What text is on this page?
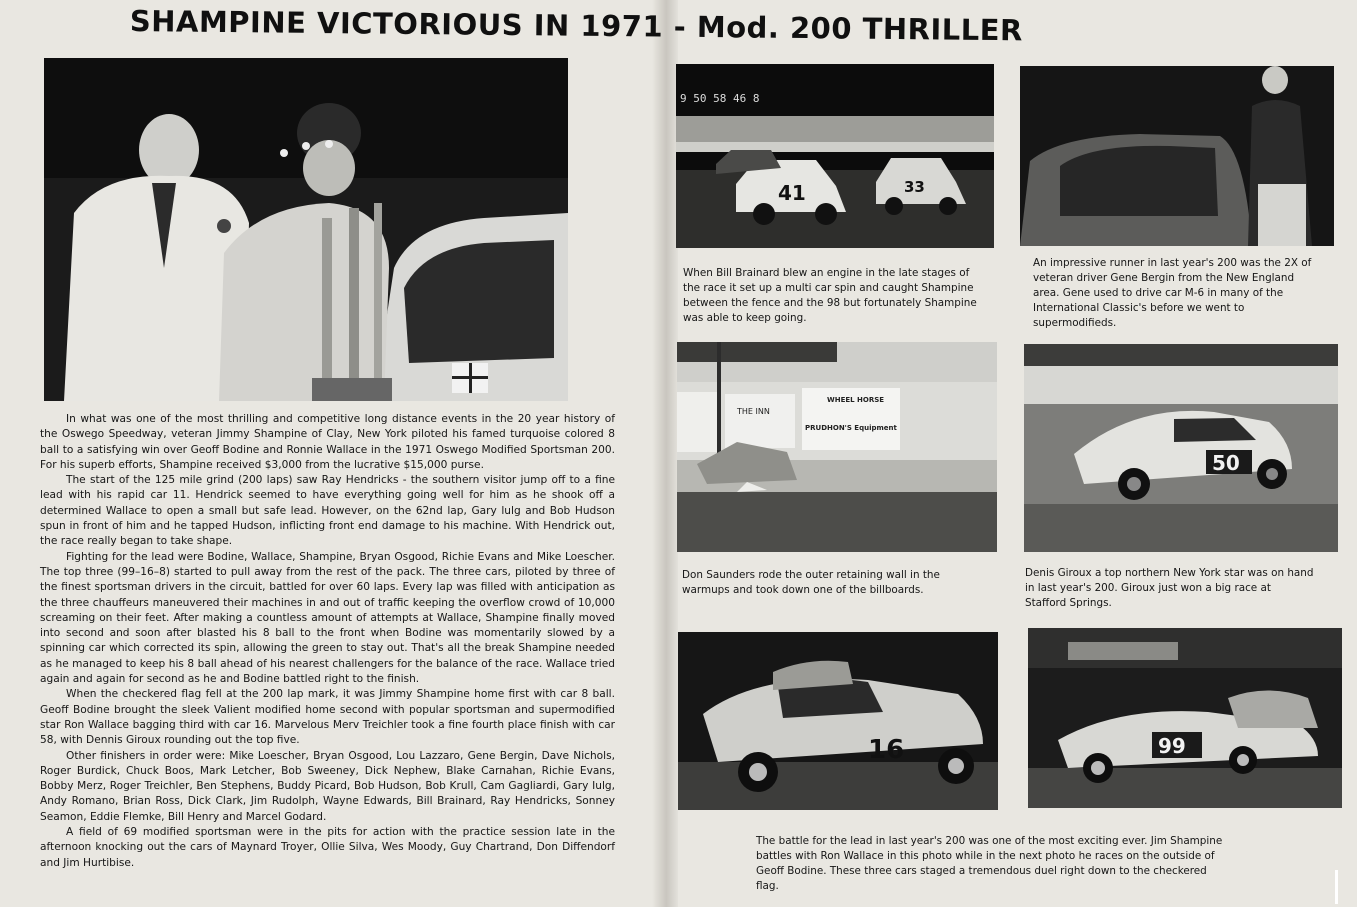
SHAMPINE VICTORIOUS IN 1971 - Mod. 200 THRILLER

In what was one of the most thrilling and competitive long distance events in the 20 year history of the Oswego Speedway, veteran Jimmy Shampine of Clay, New York piloted his famed turquoise colored 8 ball to a satisfying win over Geoff Bodine and Ronnie Wallace in the 1971 Oswego Modified Sportsman 200. For his superb efforts, Shampine received $3,000 from the lucrative $15,000 purse.

The start of the 125 mile grind (200 laps) saw Ray Hendricks - the southern visitor jump off to a fine lead with his rapid car 11. Hendrick seemed to have everything going well for him as he shook off a determined Wallace to open a small but safe lead. However, on the 62nd lap, Gary lulg and Bob Hudson spun in front of him and he tapped Hudson, inflicting front end damage to his machine. With Hendrick out, the race really began to take shape.

Fighting for the lead were Bodine, Wallace, Shampine, Bryan Osgood, Richie Evans and Mike Loescher. The top three (99–16–8) started to pull away from the rest of the pack. The three cars, piloted by three of the finest sportsman drivers in the circuit, battled for over 60 laps. Every lap was filled with anticipation as the three chauffeurs maneuvered their machines in and out of traffic keeping the overflow crowd of 10,000 screaming on their feet. After making a countless amount of attempts at Wallace, Shampine finally moved into second and soon after blasted his 8 ball to the front when Bodine was momentarily slowed by a spinning car which corrected its spin, allowing the green to stay out. That's all the break Shampine needed as he managed to keep his 8 ball ahead of his nearest challengers for the balance of the race. Wallace tried again and again for second as he and Bodine battled right to the finish.

When the checkered flag fell at the 200 lap mark, it was Jimmy Shampine home first with car 8 ball. Geoff Bodine brought the sleek Valient modified home second with popular sportsman and supermodified star Ron Wallace bagging third with car 16. Marvelous Merv Treichler took a fine fourth place finish with car 58, with Dennis Giroux rounding out the top five.

Other finishers in order were: Mike Loescher, Bryan Osgood, Lou Lazzaro, Gene Bergin, Dave Nichols, Roger Burdick, Chuck Boos, Mark Letcher, Bob Sweeney, Dick Nephew, Blake Carnahan, Richie Evans, Bobby Merz, Roger Treichler, Ben Stephens, Buddy Picard, Bob Hudson, Bob Krull, Cam Gagliardi, Gary Iulg, Andy Romano, Brian Ross, Dick Clark, Jim Rudolph, Wayne Edwards, Bill Brainard, Ray Hendricks, Sonney Seamon, Eddie Flemke, Bill Henry and Marcel Godard.

A field of 69 modified sportsman were in the pits for action with the practice session late in the afternoon knocking out the cars of Maynard Troyer, Ollie Silva, Wes Moody, Guy Chartrand, Don Diffendorf and Jim Hurtibise.

9 50 58 46 8
41	33
When Bill Brainard blew an engine in the late stages of the race it set up a multi car spin and caught Shampine between the fence and the 98 but fortunately Shampine was able to keep going.
An impressive runner in last year's 200 was the 2X of veteran driver Gene Bergin from the New England area. Gene used to drive car M-6 in many of the International Classic's before we went to supermodifieds.
THE INN
WHEEL HORSE
PRUDHON'S Equipment
50
Don Saunders rode the outer retaining wall in the warmups and took down one of the billboards.
Denis Giroux a top northern New York star was on hand in last year's 200. Giroux just won a big race at Stafford Springs.
16	99
The battle for the lead in last year's 200 was one of the most exciting ever. Jim Shampine battles with Ron Wallace in this photo while in the next photo he races on the outside of Geoff Bodine. These three cars staged a tremendous duel right down to the checkered flag.
